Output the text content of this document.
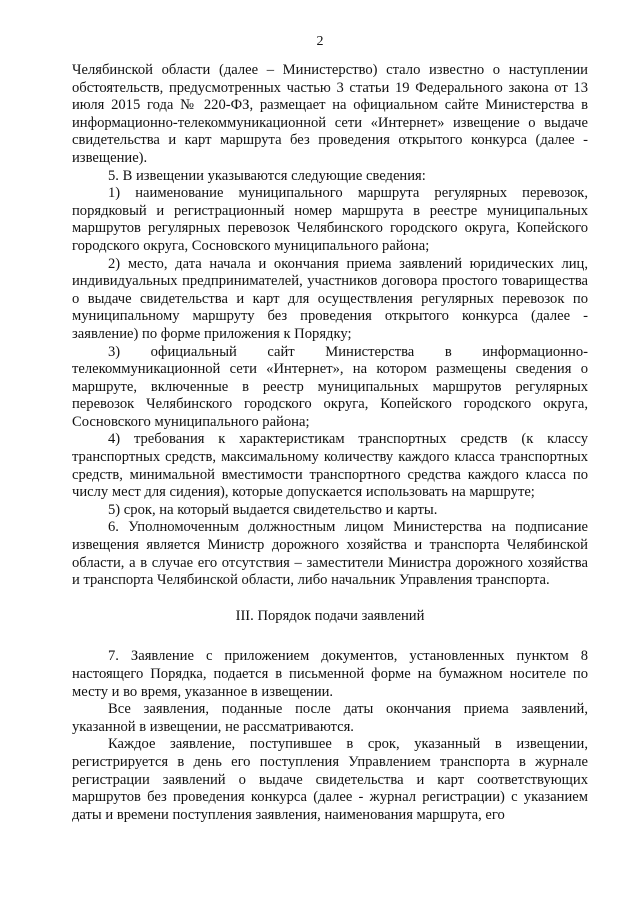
2

Челябинской области (далее – Министерство) стало известно о наступлении обстоятельств, предусмотренных частью 3 статьи 19 Федерального закона от 13 июля 2015 года № 220-ФЗ, размещает на официальном сайте Министерства в информационно-телекоммуникационной сети «Интернет» извещение о выдаче свидетельства и карт маршрута без проведения открытого конкурса (далее - извещение).

5. В извещении указываются следующие сведения:

1) наименование муниципального маршрута регулярных перевозок, порядковый и регистрационный номер маршрута в реестре муниципальных маршрутов регулярных перевозок Челябинского городского округа, Копейского городского округа, Сосновского муниципального района;

2) место, дата начала и окончания приема заявлений юридических лиц, индивидуальных предпринимателей, участников договора простого товарищества о выдаче свидетельства и карт для осуществления регулярных перевозок по муниципальному маршруту без проведения открытого конкурса (далее - заявление) по форме приложения к Порядку;

3) официальный сайт Министерства в информационно-телекоммуникационной сети «Интернет», на котором размещены сведения о маршруте, включенные в реестр муниципальных маршрутов регулярных перевозок Челябинского городского округа, Копейского городского округа, Сосновского муниципального района;

4) требования к характеристикам транспортных средств (к классу транспортных средств, максимальному количеству каждого класса транспортных средств, минимальной вместимости транспортного средства каждого класса по числу мест для сидения), которые допускается использовать на маршруте;

5) срок, на который выдается свидетельство и карты.

6. Уполномоченным должностным лицом Министерства на подписание извещения является Министр дорожного хозяйства и транспорта Челябинской области, а в случае его отсутствия – заместители Министра дорожного хозяйства и транспорта Челябинской области, либо начальник Управления транспорта.

III. Порядок подачи заявлений

7. Заявление с приложением документов, установленных пунктом 8 настоящего Порядка, подается в письменной форме на бумажном носителе по месту и во время, указанное в извещении.

Все заявления, поданные после даты окончания приема заявлений, указанной в извещении, не рассматриваются.

Каждое заявление, поступившее в срок, указанный в извещении, регистрируется в день его поступления Управлением транспорта в журнале регистрации заявлений о выдаче свидетельства и карт соответствующих маршрутов без проведения конкурса (далее - журнал регистрации) с указанием даты и времени поступления заявления, наименования маршрута, его
